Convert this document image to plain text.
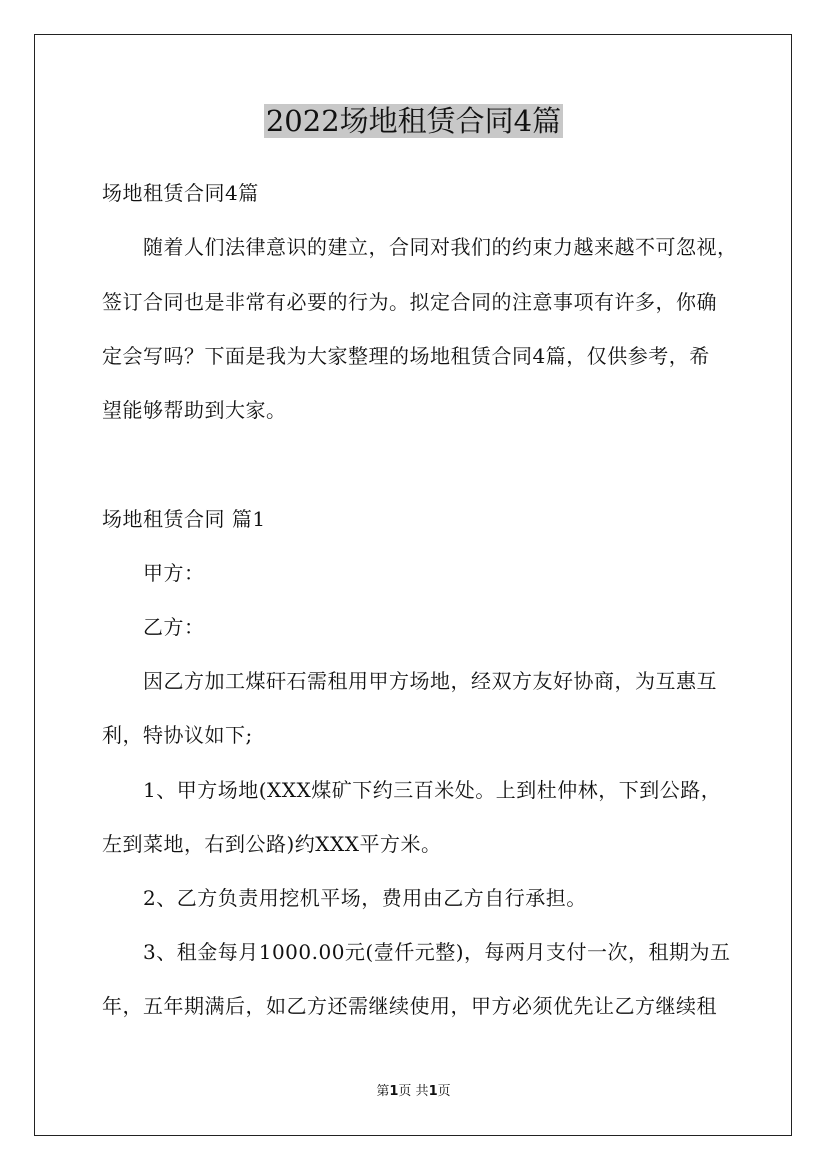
2022场地租赁合同4篇
场地租赁合同4篇
随着人们法律意识的建立，合同对我们的约束力越来越不可忽视，
签订合同也是非常有必要的行为。拟定合同的注意事项有许多，你确
定会写吗？下面是我为大家整理的场地租赁合同4篇，仅供参考，希
望能够帮助到大家。
场地租赁合同 篇1
甲方：
乙方：
因乙方加工煤矸石需租用甲方场地，经双方友好协商，为互惠互
利，特协议如下;
1、甲方场地(XXX煤矿下约三百米处。上到杜仲林，下到公路，
左到菜地，右到公路)约XXX平方米。
2、乙方负责用挖机平场，费用由乙方自行承担。
3、租金每月1000.00元(壹仟元整)，每两月支付一次，租期为五
年，五年期满后，如乙方还需继续使用，甲方必须优先让乙方继续租
第1页 共1页
